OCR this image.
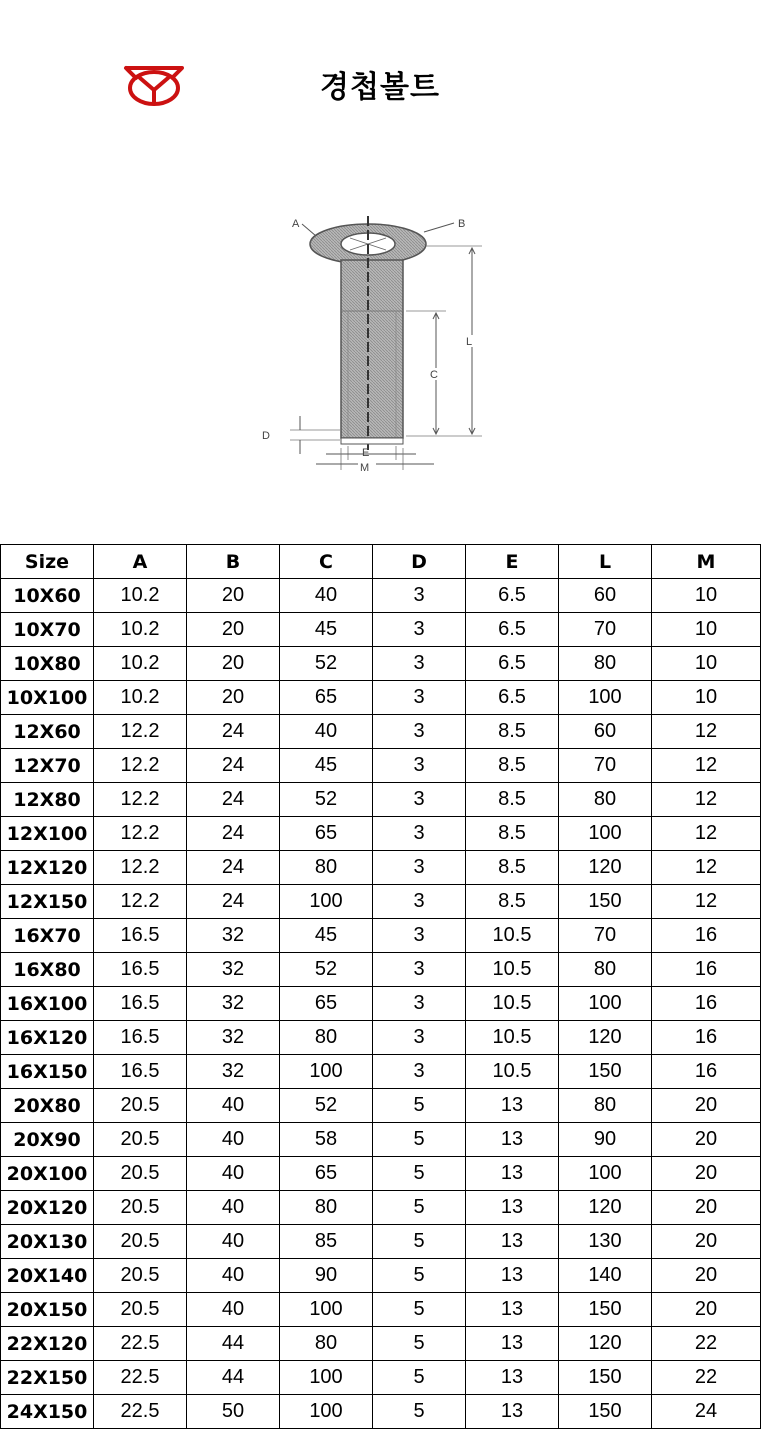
경첩볼트
A	B
L
C
D
E
M
Size	A	B	C	D	E	L	M
10X60	10.2	20	40	3	6.5	60	10
10X70	10.2	20	45	3	6.5	70	10
10X80	10.2	20	52	3	6.5	80	10
10X100	10.2	20	65	3	6.5	100	10
12X60	12.2	24	40	3	8.5	60	12
12X70	12.2	24	45	3	8.5	70	12
12X80	12.2	24	52	3	8.5	80	12
12X100	12.2	24	65	3	8.5	100	12
12X120	12.2	24	80	3	8.5	120	12
12X150	12.2	24	100	3	8.5	150	12
16X70	16.5	32	45	3	10.5	70	16
16X80	16.5	32	52	3	10.5	80	16
16X100	16.5	32	65	3	10.5	100	16
16X120	16.5	32	80	3	10.5	120	16
16X150	16.5	32	100	3	10.5	150	16
20X80	20.5	40	52	5	13	80	20
20X90	20.5	40	58	5	13	90	20
20X100	20.5	40	65	5	13	100	20
20X120	20.5	40	80	5	13	120	20
20X130	20.5	40	85	5	13	130	20
20X140	20.5	40	90	5	13	140	20
20X150	20.5	40	100	5	13	150	20
22X120	22.5	44	80	5	13	120	22
22X150	22.5	44	100	5	13	150	22
24X150	22.5	50	100	5	13	150	24
